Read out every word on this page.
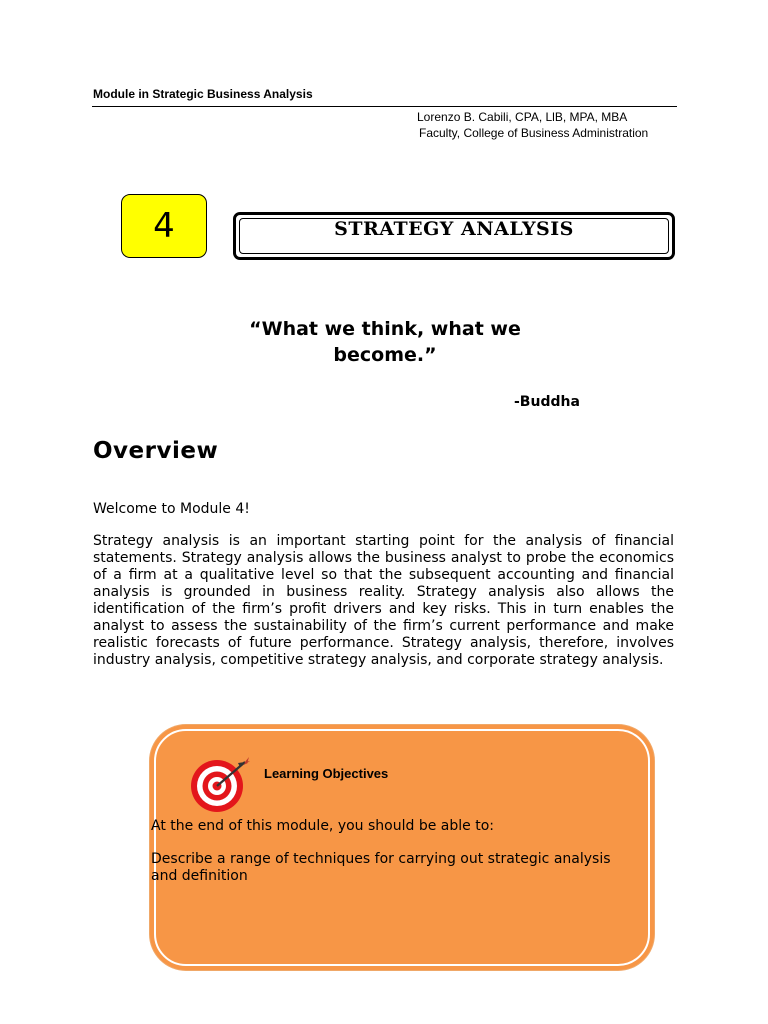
Module in Strategic Business Analysis
Lorenzo B. Cabili, CPA, LlB, MPA, MBA
Faculty, College of Business Administration
4	STRATEGY ANALYSIS
“What we think, what we
become.”
-Buddha
Overview
Welcome to Module 4!
Strategy analysis is an important starting point for the analysis of financial statements. Strategy analysis allows the business analyst to probe the economics of a firm at a qualitative level so that the subsequent accounting and financial analysis is grounded in business reality. Strategy analysis also allows the identification of the firm’s profit drivers and key risks. This in turn enables the analyst to assess the sustainability of the firm’s current performance and make realistic forecasts of future performance. Strategy analysis, therefore, involves industry analysis, competitive strategy analysis, and corporate strategy analysis.
Learning Objectives
At the end of this module, you should be able to:
Describe a range of techniques for carrying out strategic analysis and definition
